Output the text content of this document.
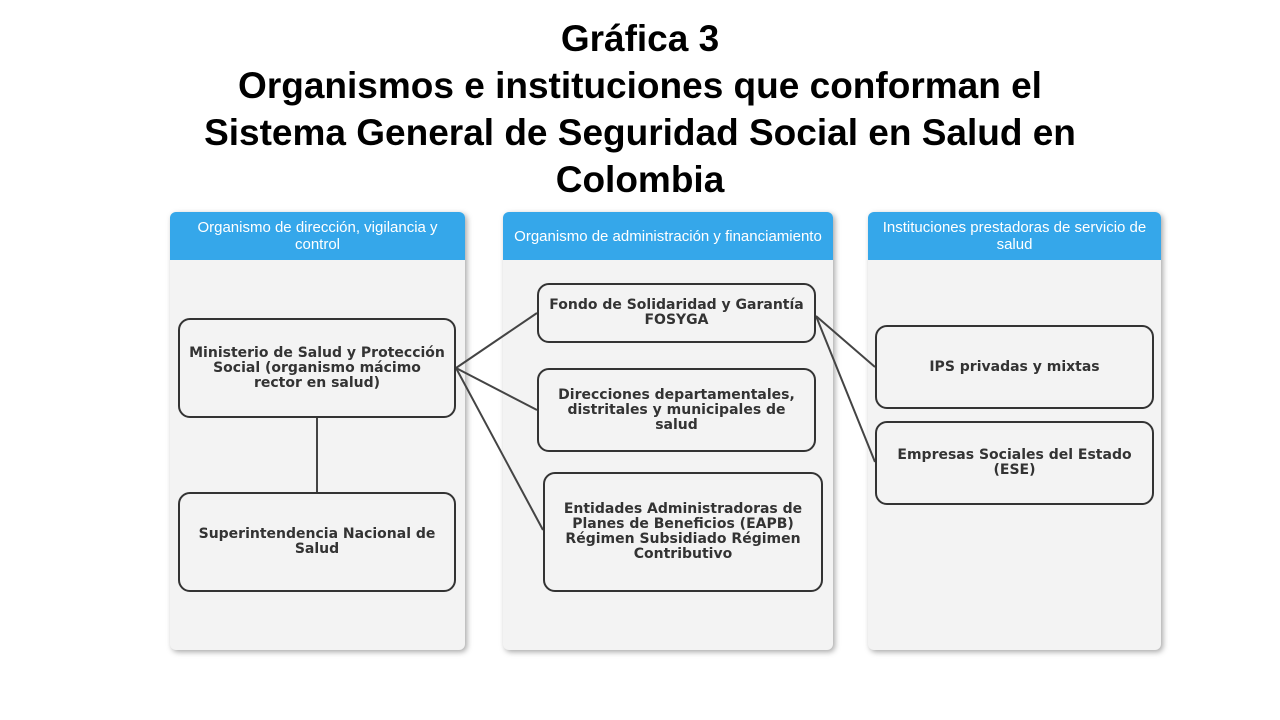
Gráfica 3
Organismos e instituciones que conforman el
Sistema General de Seguridad Social en Salud en
Colombia
Organismo de dirección, vigilancia y control	Organismo de administración y financiamiento	Instituciones prestadoras de servicio de salud
Ministerio de Salud y Protección Social (organismo mácimo rector en salud)
Superintendencia Nacional de Salud
Fondo de Solidaridad y Garantía FOSYGA
Direcciones departamentales, distritales y municipales de salud
Entidades Administradoras de Planes de Beneficios (EAPB) Régimen Subsidiado Régimen Contributivo
IPS privadas y mixtas
Empresas Sociales del Estado (ESE)
